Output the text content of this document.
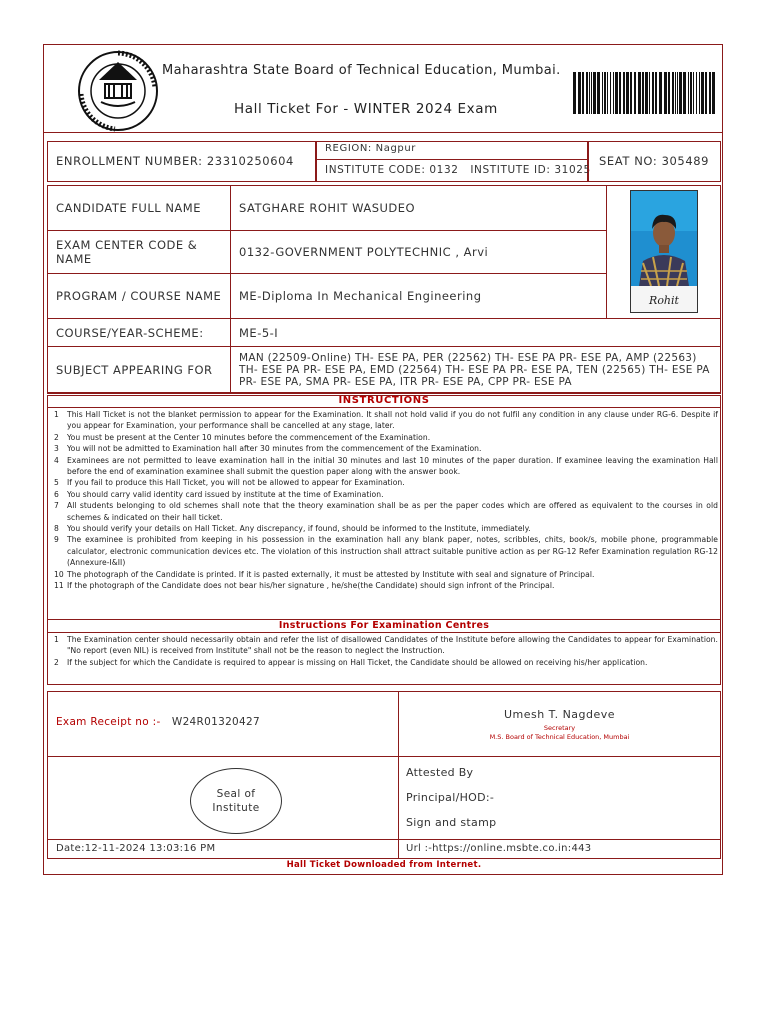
Maharashtra State Board of Technical Education, Mumbai.
Hall Ticket For - WINTER 2024 Exam
ENROLLMENT NUMBER: 23310250604
REGION: Nagpur
INSTITUTE CODE: 0132   INSTITUTE ID: 31025
SEAT NO: 305489
CANDIDATE FULL NAME	SATGHARE ROHIT WASUDEO
EXAM CENTER CODE & NAME	0132-GOVERNMENT POLYTECHNIC , Arvi
PROGRAM / COURSE NAME	ME-Diploma In Mechanical Engineering
COURSE/YEAR-SCHEME:	ME-5-I
SUBJECT APPEARING FOR	MAN (22509-Online) TH- ESE PA, PER (22562) TH- ESE PA PR- ESE PA, AMP (22563) TH- ESE PA PR- ESE PA, EMD (22564) TH- ESE PA PR- ESE PA, TEN (22565) TH- ESE PA PR- ESE PA, SMA PR- ESE PA, ITR PR- ESE PA, CPP PR- ESE PA
Rohit
INSTRUCTIONS
1	This Hall Ticket is not the blanket permission to appear for the Examination. It shall not hold valid if you do not fulfil any condition in any clause under RG-6. Despite if you appear for Examination, your performance shall be cancelled at any stage, later.
2	You must be present at the Center 10 minutes before the commencement of the Examination.
3	You will not be admitted to Examination hall after 30 minutes from the commencement of the Examination.
4	Examinees are not permitted to leave examination hall in the initial 30 minutes and last 10 minutes of the paper duration. If examinee leaving the examination Hall before the end of examination examinee shall submit the question paper along with the answer book.
5	If you fail to produce this Hall Ticket, you will not be allowed to appear for Examination.
6	You should carry valid identity card issued by institute at the time of Examination.
7	All students belonging to old schemes shall note that the theory examination shall be as per the paper codes which are offered as equivalent to the courses in old schemes & indicated on their hall ticket.
8	You should verify your details on Hall Ticket. Any discrepancy, if found, should be informed to the Institute, immediately.
9	The examinee is prohibited from keeping in his possession in the examination hall any blank paper, notes, scribbles, chits, book/s, mobile phone, programmable calculator, electronic communication devices etc. The violation of this instruction shall attract suitable punitive action as per RG-12 Refer Examination regulation RG-12 (Annexure-I&II)
10 The photograph of the Candidate is printed. If it is pasted externally, it must be attested by Institute with seal and signature of Principal.
11 If the photograph of the Candidate does not bear his/her signature , he/she(the Candidate) should sign infront of the Principal.
Instructions For Examination Centres
1	The Examination center should necessarily obtain and refer the list of disallowed Candidates of the Institute before allowing the Candidates to appear for Examination. "No report (even NIL) is received from Institute" shall not be the reason to neglect the Instruction.
2	If the subject for which the Candidate is required to appear is missing on Hall Ticket, the Candidate should be allowed on receiving his/her application.
Exam Receipt no :- W24R01320427
Umesh T. Nagdeve
Secretary
M.S. Board of Technical Education, Mumbai
Seal of Institute
Attested By
Principal/HOD:-
Sign and stamp
Date:12-11-2024 13:03:16 PM	Url :-https://online.msbte.co.in:443
Hall Ticket Downloaded from Internet.
